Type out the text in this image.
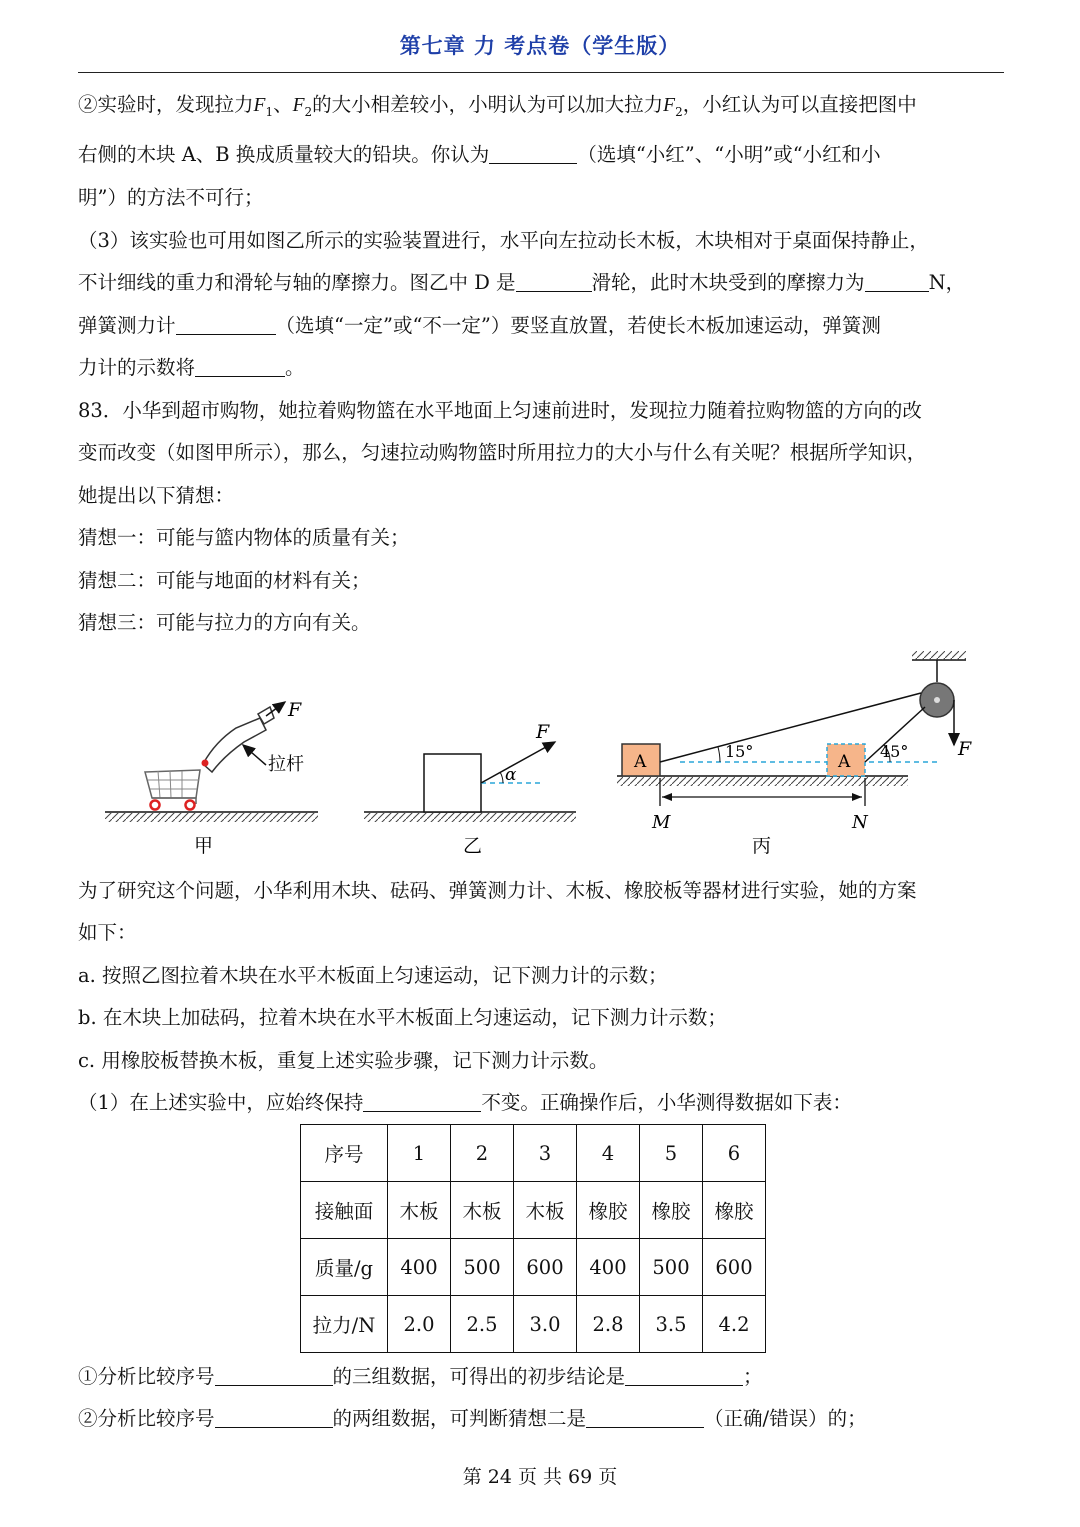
第七章 力 考点卷（学生版）
②实验时，发现拉力$F_1$、$F_2$的大小相差较小，小明认为可以加大拉力$F_2$，小红认为可以直接把图中
右侧的木块 A、B 换成质量较大的铅块。你认为	（选填“小红”、“小明”或“小红和小
明”）的方法不可行；
（3）该实验也可用如图乙所示的实验装置进行，水平向左拉动长木板，木块相对于桌面保持静止，
不计细线的重力和滑轮与轴的摩擦力。图乙中 D 是	滑轮，此时木块受到的摩擦力为	N，
弹簧测力计	（选填“一定”或“不一定”）要竖直放置，若使长木板加速运动，弹簧测
力计的示数将	。
83．小华到超市购物，她拉着购物篮在水平地面上匀速前进时，发现拉力随着拉购物篮的方向的改
变而改变（如图甲所示），那么，匀速拉动购物篮时所用拉力的大小与什么有关呢？根据所学知识，
她提出以下猜想：
猜想一：可能与篮内物体的质量有关；
猜想二：可能与地面的材料有关；
猜想三：可能与拉力的方向有关。
F
拉杆
甲
α
F
乙
A	A
15°	45°	F
M	N
丙
为了研究这个问题，小华利用木块、砝码、弹簧测力计、木板、橡胶板等器材进行实验，她的方案
如下：
a. 按照乙图拉着木块在水平木板面上匀速运动，记下测力计的示数；
b. 在木块上加砝码，拉着木块在水平木板面上匀速运动，记下测力计示数；
c. 用橡胶板替换木板，重复上述实验步骤，记下测力计示数。
（1）在上述实验中，应始终保持	不变。正确操作后，小华测得数据如下表：
序号	1	2	3	4	5	6
接触面	木板	木板	木板	橡胶	橡胶	橡胶
质量/g	400	500	600	400	500	600
拉力/N	2.0	2.5	3.0	2.8	3.5	4.2
①分析比较序号	的三组数据，可得出的初步结论是	；
②分析比较序号	的两组数据，可判断猜想二是	（正确/错误）的；
第 24 页 共 69 页
